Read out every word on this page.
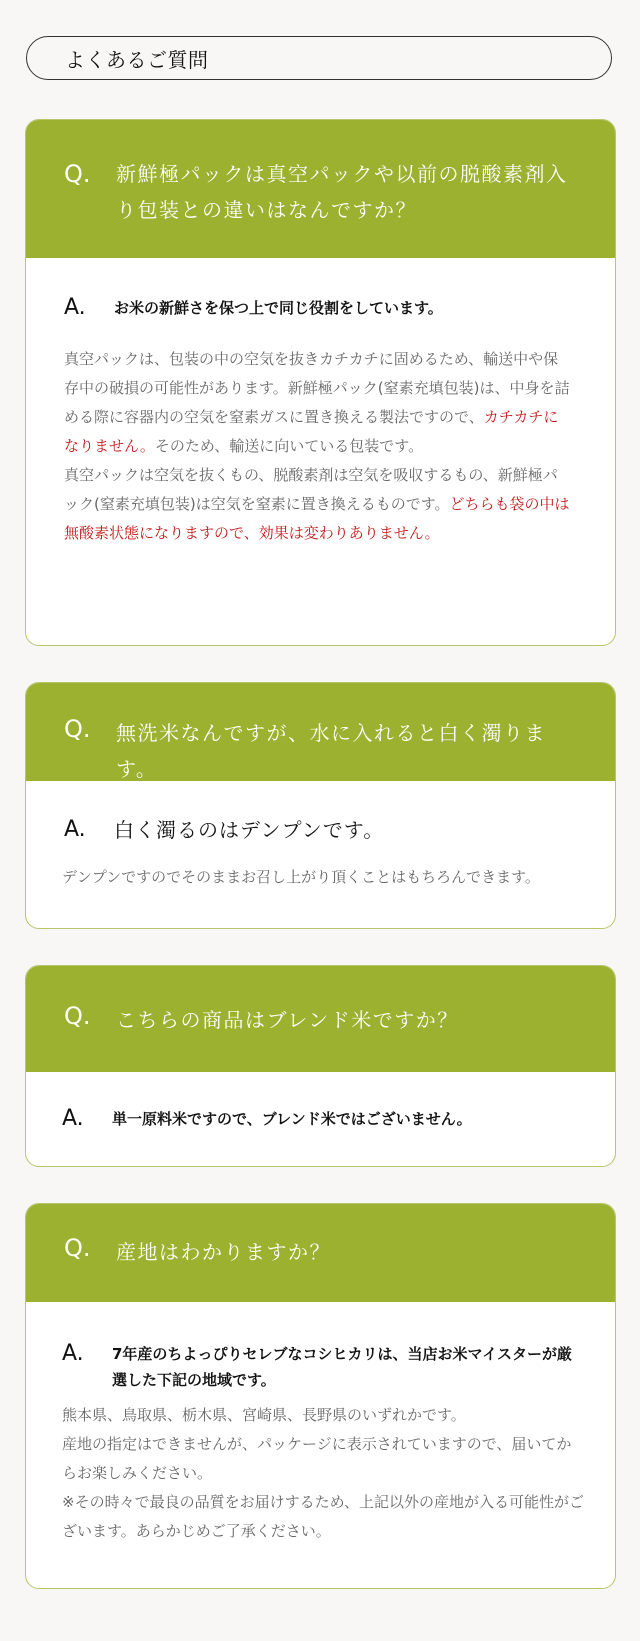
よくあるご質問
Q.	新鮮極パックは真空パックや以前の脱酸素剤入り包装との違いはなんですか？
A.	お米の新鮮さを保つ上で同じ役割をしています。
真空パックは、包装の中の空気を抜きカチカチに固めるため、輸送中や保存中の破損の可能性があります。新鮮極パック(窒素充填包装)は、中身を詰める際に容器内の空気を窒素ガスに置き換える製法ですので、カチカチになりません。そのため、輸送に向いている包装です。
真空パックは空気を抜くもの、脱酸素剤は空気を吸収するもの、新鮮極パック(窒素充填包装)は空気を窒素に置き換えるものです。どちらも袋の中は無酸素状態になりますので、効果は変わりありません。
Q.	無洗米なんですが、水に入れると白く濁ります。
A.	白く濁るのはデンプンです。
デンプンですのでそのままお召し上がり頂くことはもちろんできます。
Q.	こちらの商品はブレンド米ですか？
A.	単一原料米ですので、ブレンド米ではございません。
Q.	産地はわかりますか？
A.	7年産のちよっぴりセレブなコシヒカリは、当店お米マイスターが厳選した下記の地域です。
熊本県、鳥取県、栃木県、宮崎県、長野県のいずれかです。
産地の指定はできませんが、パッケージに表示されていますので、届いてからお楽しみください。
※その時々で最良の品質をお届けするため、上記以外の産地が入る可能性がございます。あらかじめご了承ください。
